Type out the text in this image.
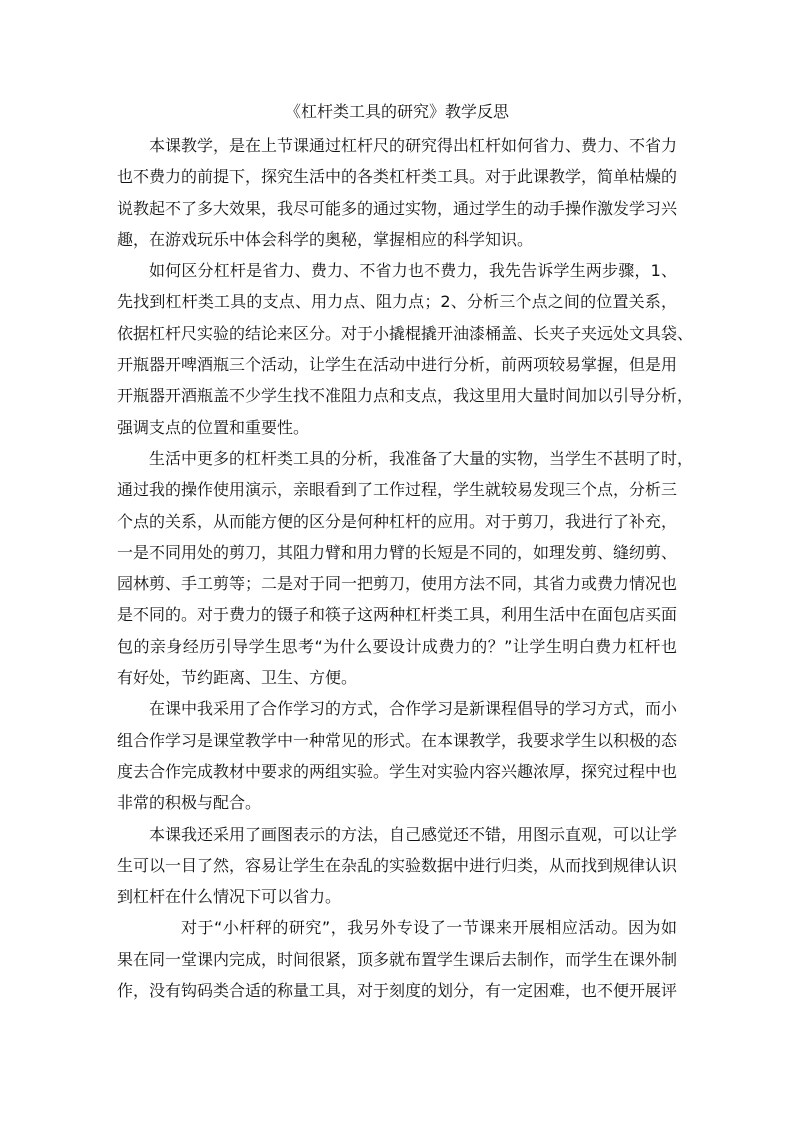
《杠杆类工具的研究》教学反思
本课教学，是在上节课通过杠杆尺的研究得出杠杆如何省力、费力、不省力
也不费力的前提下，探究生活中的各类杠杆类工具。对于此课教学，简单枯燥的
说教起不了多大效果，我尽可能多的通过实物，通过学生的动手操作激发学习兴
趣，在游戏玩乐中体会科学的奥秘，掌握相应的科学知识。
如何区分杠杆是省力、费力、不省力也不费力，我先告诉学生两步骤，1、
先找到杠杆类工具的支点、用力点、阻力点；2、分析三个点之间的位置关系，
依据杠杆尺实验的结论来区分。对于小撬棍撬开油漆桶盖、长夹子夹远处文具袋、
开瓶器开啤酒瓶三个活动，让学生在活动中进行分析，前两项较易掌握，但是用
开瓶器开酒瓶盖不少学生找不准阻力点和支点，我这里用大量时间加以引导分析，
强调支点的位置和重要性。
生活中更多的杠杆类工具的分析，我准备了大量的实物，当学生不甚明了时，
通过我的操作使用演示，亲眼看到了工作过程，学生就较易发现三个点，分析三
个点的关系，从而能方便的区分是何种杠杆的应用。对于剪刀，我进行了补充，
一是不同用处的剪刀，其阻力臂和用力臂的长短是不同的，如理发剪、缝纫剪、
园林剪、手工剪等；二是对于同一把剪刀，使用方法不同，其省力或费力情况也
是不同的。对于费力的镊子和筷子这两种杠杆类工具，利用生活中在面包店买面
包的亲身经历引导学生思考“为什么要设计成费力的？”让学生明白费力杠杆也
有好处，节约距离、卫生、方便。
在课中我采用了合作学习的方式，合作学习是新课程倡导的学习方式，而小
组合作学习是课堂教学中一种常见的形式。在本课教学，我要求学生以积极的态
度去合作完成教材中要求的两组实验。学生对实验内容兴趣浓厚，探究过程中也
非常的积极与配合。
本课我还采用了画图表示的方法，自己感觉还不错，用图示直观，可以让学
生可以一目了然，容易让学生在杂乱的实验数据中进行归类，从而找到规律认识
到杠杆在什么情况下可以省力。
对于“小杆秤的研究”，我另外专设了一节课来开展相应活动。因为如
果在同一堂课内完成，时间很紧，顶多就布置学生课后去制作，而学生在课外制
作，没有钩码类合适的称量工具，对于刻度的划分，有一定困难，也不便开展评
